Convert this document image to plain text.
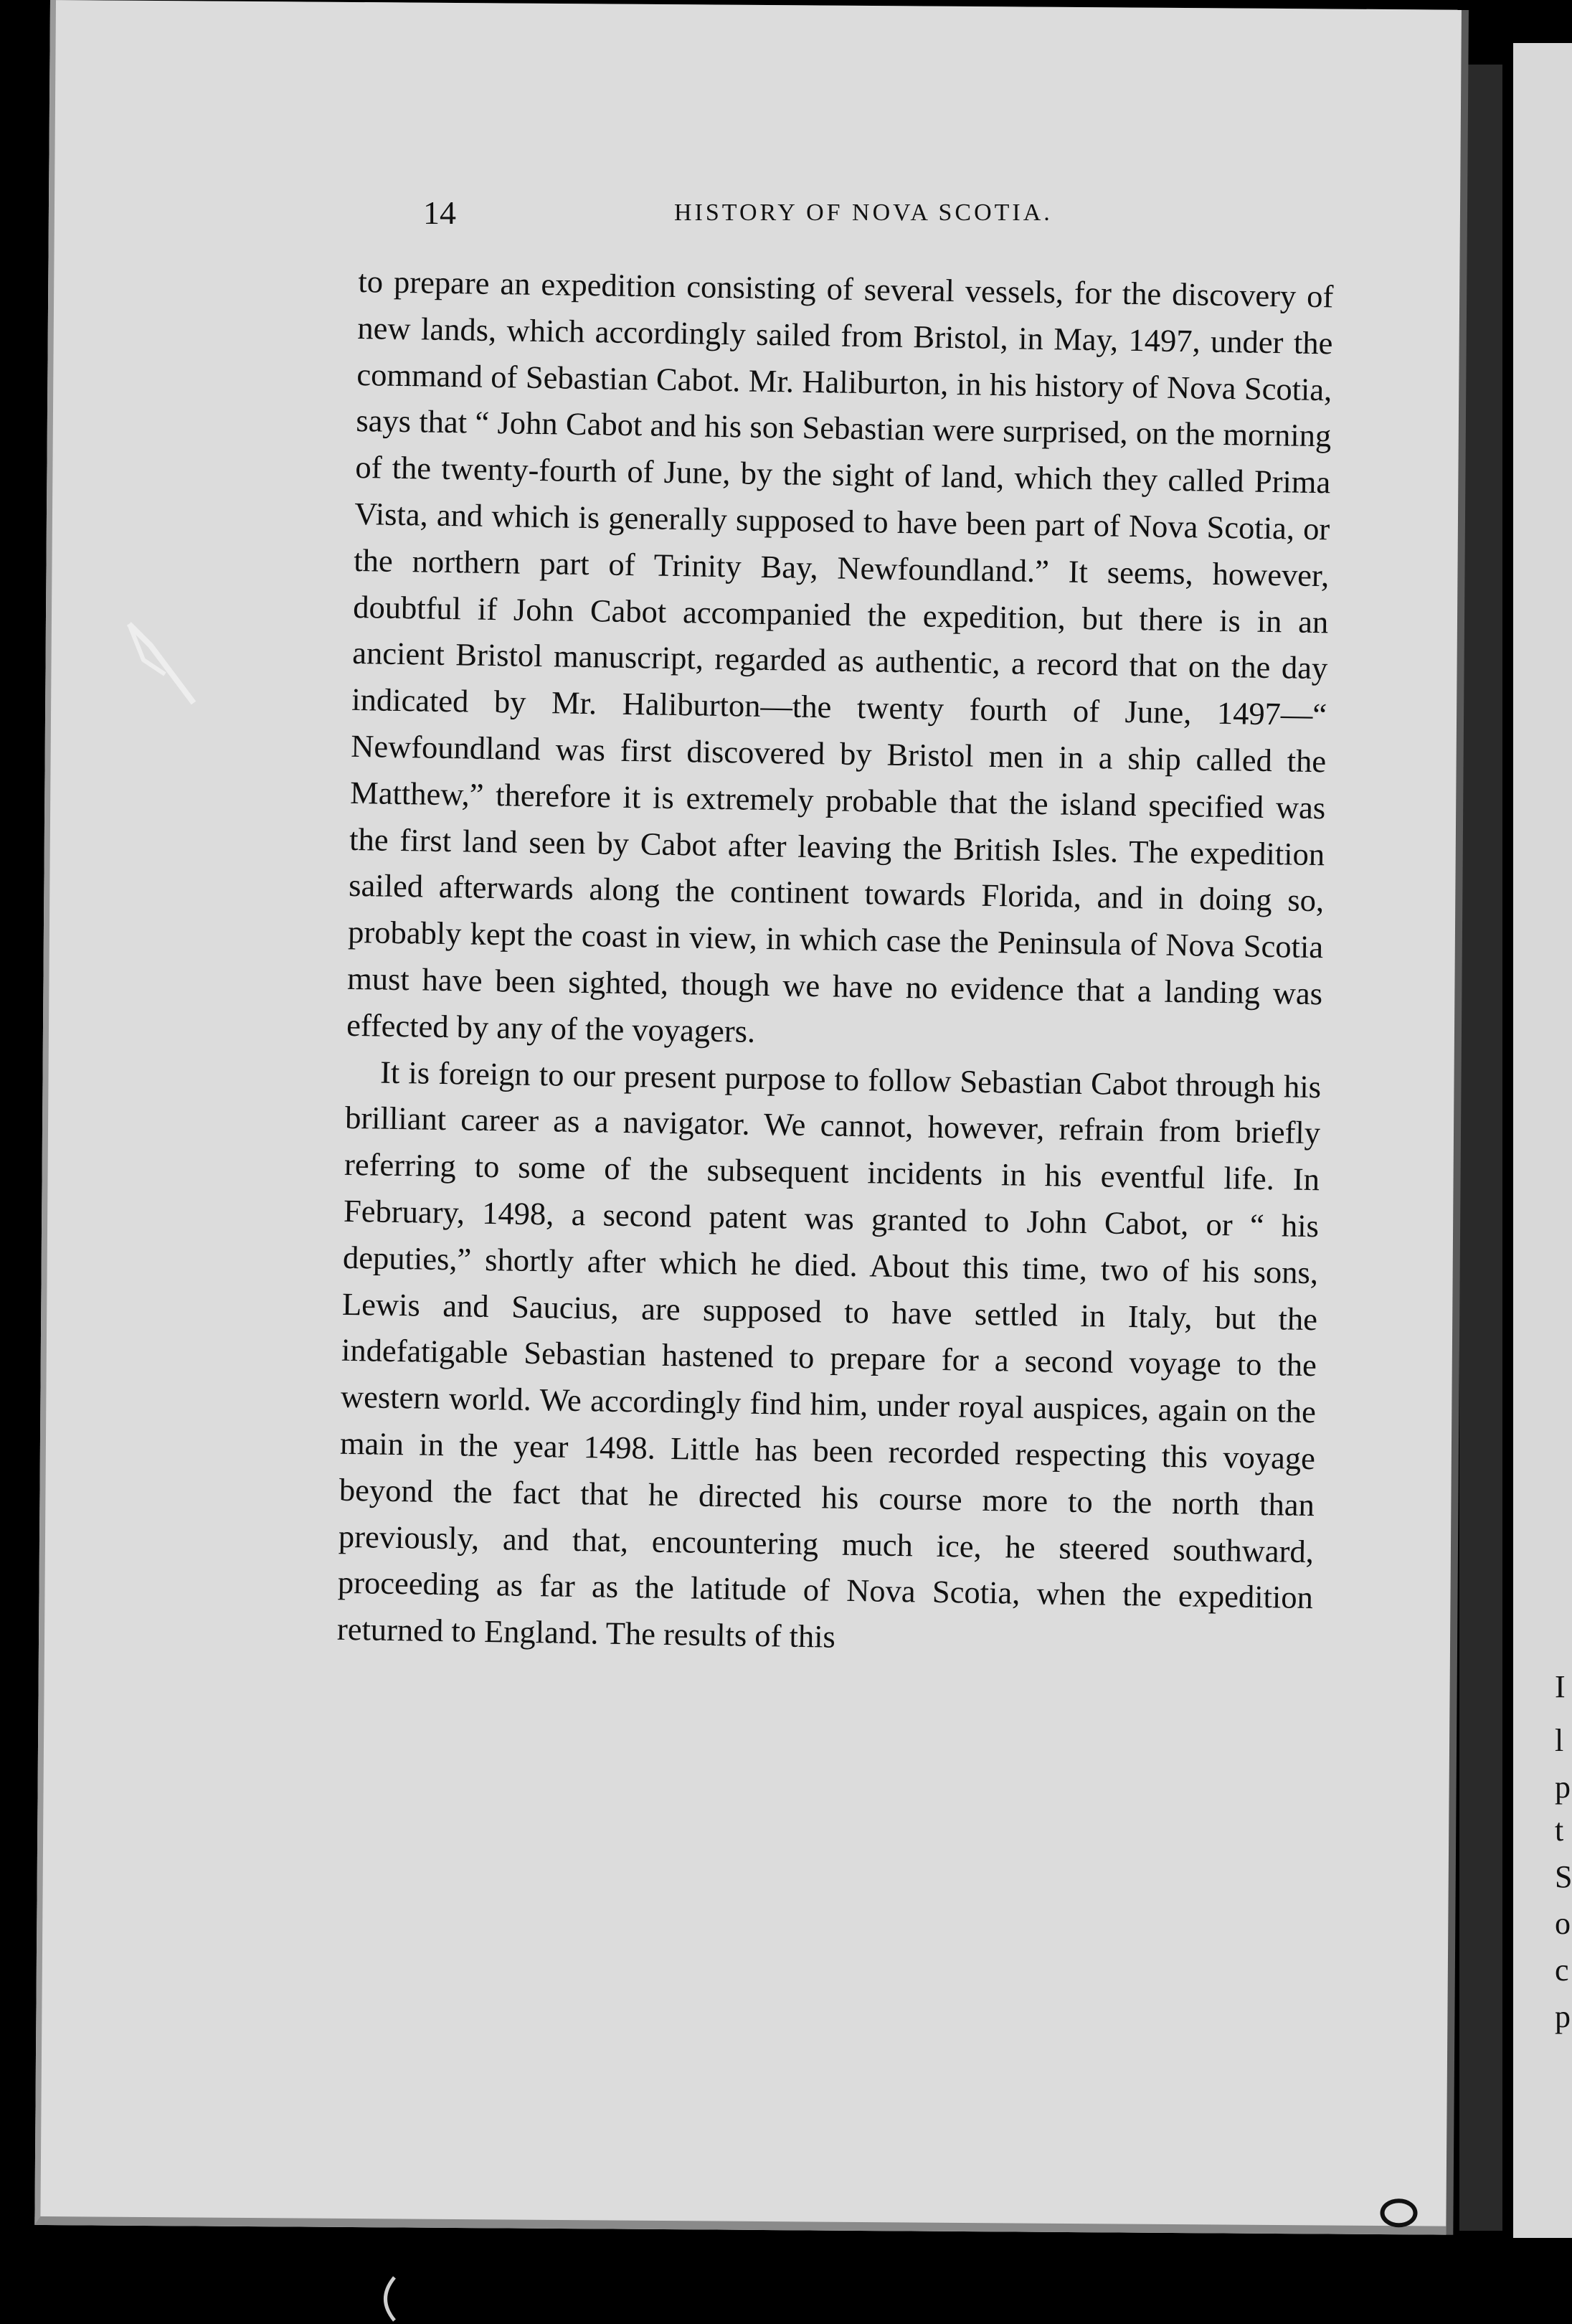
I
l
p
t
S
o
c
p
14	HISTORY OF NOVA SCOTIA.

to prepare an expedition consisting of several vessels, for the discovery of new lands, which accordingly sailed from Bristol, in May, 1497, under the command of Sebastian Cabot. Mr. Haliburton, in his history of Nova Scotia, says that “ John Cabot and his son Sebastian were surprised, on the morning of the twenty-fourth of June, by the sight of land, which they called Prima Vista, and which is generally supposed to have been part of Nova Scotia, or the northern part of Trinity Bay, Newfoundland.” It seems, however, doubtful if John Cabot accompanied the expedition, but there is in an ancient Bristol manuscript, regarded as authentic, a record that on the day indicated by Mr. Haliburton—the twenty fourth of June, 1497—“ Newfoundland was first discovered by Bristol men in a ship called the Matthew,” therefore it is extremely probable that the island specified was the first land seen by Cabot after leaving the British Isles. The expedition sailed afterwards along the continent towards Florida, and in doing so, probably kept the coast in view, in which case the Peninsula of Nova Scotia must have been sighted, though we have no evidence that a landing was effected by any of the voyagers.

It is foreign to our present purpose to follow Sebastian Cabot through his brilliant career as a navigator. We cannot, however, refrain from briefly referring to some of the subsequent incidents in his eventful life. In February, 1498, a second patent was granted to John Cabot, or “ his deputies,” shortly after which he died. About this time, two of his sons, Lewis and Saucius, are supposed to have settled in Italy, but the indefatigable Sebastian hastened to prepare for a second voyage to the western world. We accordingly find him, under royal auspices, again on the main in the year 1498. Little has been recorded respecting this voyage beyond the fact that he directed his course more to the north than previously, and that, encountering much ice, he steered southward, proceeding as far as the latitude of Nova Scotia, when the expedition returned to England. The results of this
